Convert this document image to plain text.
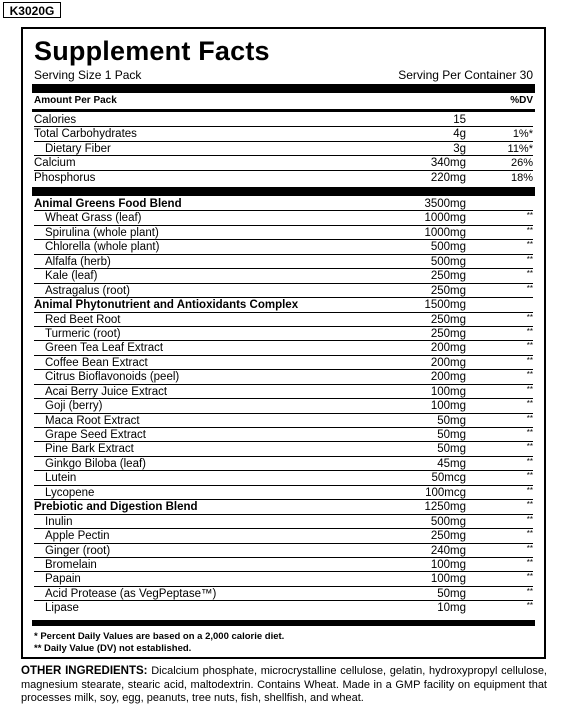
K3020G
Supplement Facts
Serving Size 1 Pack	Serving Per Container 30
Amount Per Pack	%DV
Calories	15
Total Carbohydrates	4g	1%*
Dietary Fiber	3g	11%*
Calcium	340mg	26%
Phosphorus	220mg	18%
Animal Greens Food Blend	3500mg
Wheat Grass (leaf)	1000mg	**
Spirulina (whole plant)	1000mg	**
Chlorella (whole plant)	500mg	**
Alfalfa (herb)	500mg	**
Kale (leaf)	250mg	**
Astragalus (root)	250mg	**
Animal Phytonutrient and Antioxidants Complex	1500mg
Red Beet Root	250mg	**
Turmeric (root)	250mg	**
Green Tea Leaf Extract	200mg	**
Coffee Bean Extract	200mg	**
Citrus Bioflavonoids (peel)	200mg	**
Acai Berry Juice Extract	100mg	**
Goji (berry)	100mg	**
Maca Root Extract	50mg	**
Grape Seed Extract	50mg	**
Pine Bark Extract	50mg	**
Ginkgo Biloba (leaf)	45mg	**
Lutein	50mcg	**
Lycopene	100mcg	**
Prebiotic and Digestion Blend	1250mg	**
Inulin	500mg	**
Apple Pectin	250mg	**
Ginger (root)	240mg	**
Bromelain	100mg	**
Papain	100mg	**
Acid Protease (as VegPeptase™)	50mg	**
Lipase	10mg	**
* Percent Daily Values are based on a 2,000 calorie diet.
** Daily Value (DV) not established.
OTHER INGREDIENTS: Dicalcium phosphate, microcrystalline cellulose, gelatin, hydroxypropyl cellulose, magnesium stearate, stearic acid, maltodextrin. Contains Wheat. Made in a GMP facility on equipment that processes milk, soy, egg, peanuts, tree nuts, fish, shellfish, and wheat.
